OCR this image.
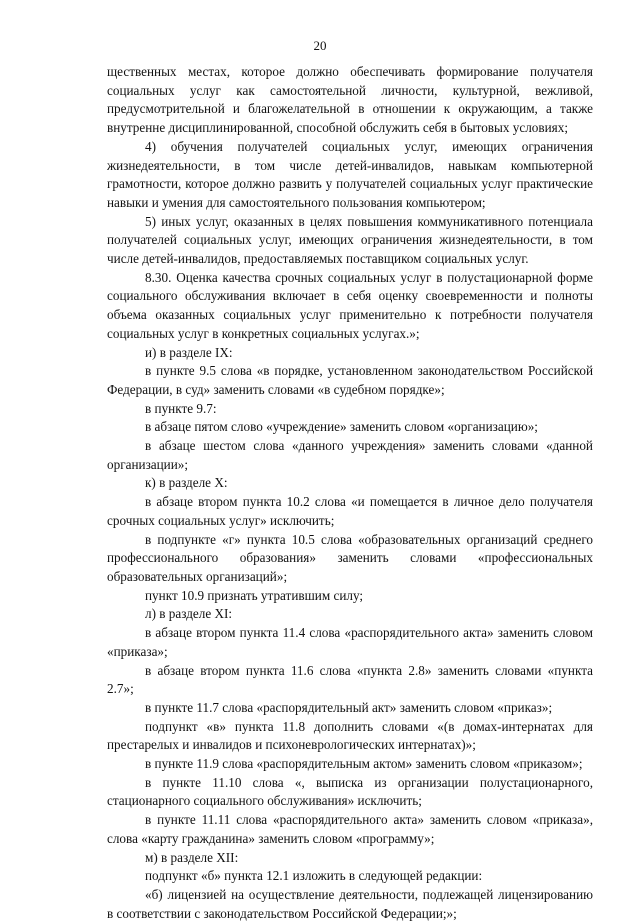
20

щественных местах, которое должно обеспечивать формирование получателя социальных услуг как самостоятельной личности, культурной, вежливой, предусмотрительной и благожелательной в отношении к окружающим, а также внутренне дисциплинированной, способной обслужить себя в бытовых условиях;

4) обучения получателей социальных услуг, имеющих ограничения жизнедеятельности, в том числе детей-инвалидов, навыкам компьютерной грамотности, которое должно развить у получателей социальных услуг практические навыки и умения для самостоятельного пользования компьютером;

5) иных услуг, оказанных в целях повышения коммуникативного потенциала получателей социальных услуг, имеющих ограничения жизнедеятельности, в том числе детей-инвалидов, предоставляемых поставщиком социальных услуг.

8.30. Оценка качества срочных социальных услуг в полустационарной форме социального обслуживания включает в себя оценку своевременности и полноты объема оказанных социальных услуг применительно к потребности получателя социальных услуг в конкретных социальных услугах.»;

и) в разделе IX:

в пункте 9.5 слова «в порядке, установленном законодательством Российской Федерации, в суд» заменить словами «в судебном порядке»;

в пункте 9.7:

в абзаце пятом слово «учреждение» заменить словом «организацию»;

в абзаце шестом слова «данного учреждения» заменить словами «данной организации»;

к) в разделе X:

в абзаце втором пункта 10.2 слова «и помещается в личное дело получателя срочных социальных услуг» исключить;

в подпункте «г» пункта 10.5 слова «образовательных организаций среднего профессионального образования» заменить словами «профессиональных образовательных организаций»;

пункт 10.9 признать утратившим силу;

л) в разделе XI:

в абзаце втором пункта 11.4 слова «распорядительного акта» заменить словом «приказа»;

в абзаце втором пункта 11.6 слова «пункта 2.8» заменить словами «пункта 2.7»;

в пункте 11.7 слова «распорядительный акт» заменить словом «приказ»;

подпункт «в» пункта 11.8 дополнить словами «(в домах-интернатах для престарелых и инвалидов и психоневрологических интернатах)»;

в пункте 11.9 слова «распорядительным актом» заменить словом «приказом»;

в пункте 11.10 слова «, выписка из организации полустационарного, стационарного социального обслуживания» исключить;

в пункте 11.11 слова «распорядительного акта» заменить словом «приказа», слова «карту гражданина» заменить словом «программу»;

м) в разделе XII:

подпункт «б» пункта 12.1 изложить в следующей редакции:

«б) лицензией на осуществление деятельности, подлежащей лицензированию в соответствии с законодательством Российской Федерации;»;
